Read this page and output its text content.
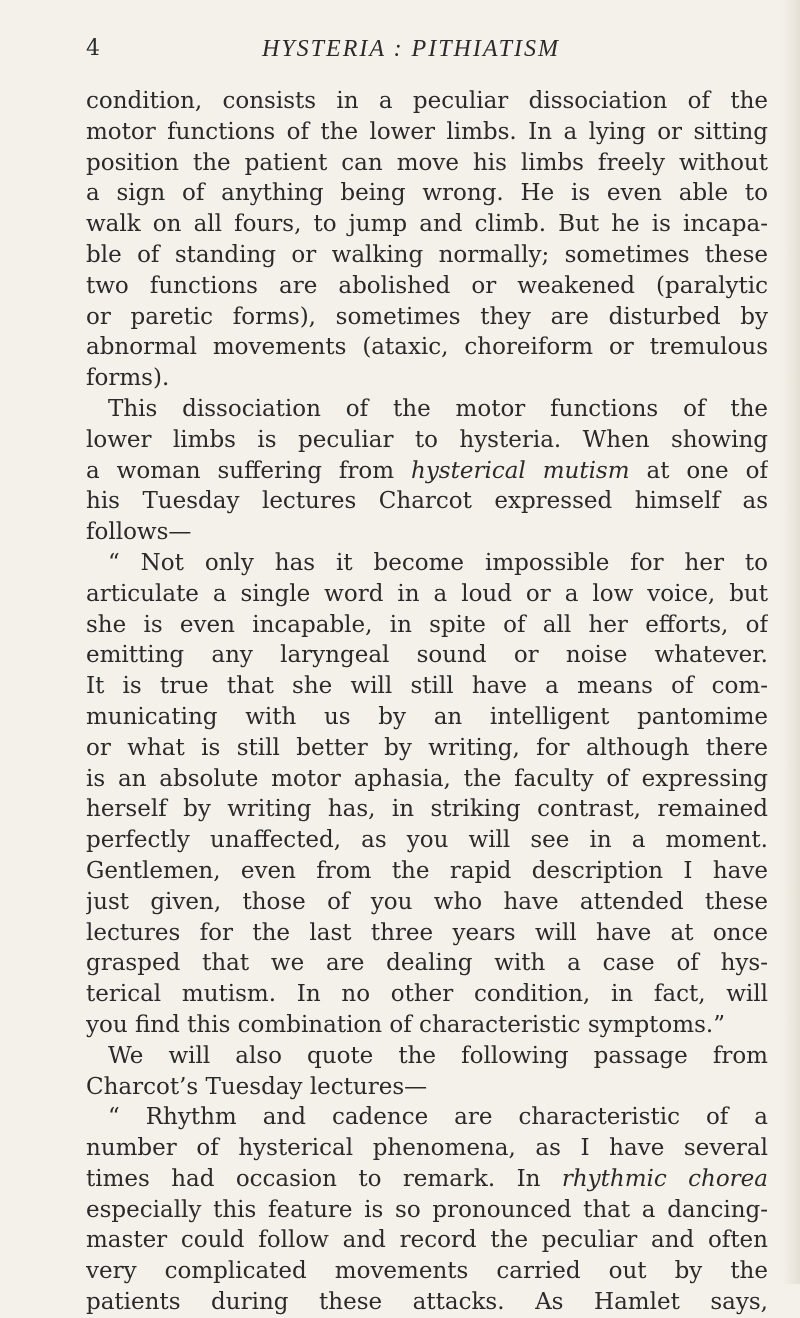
4	HYSTERIA : PITHIATISM
condition, consists in a peculiar dissociation of the
motor functions of the lower limbs. In a lying or sitting
position the patient can move his limbs freely without
a sign of anything being wrong. He is even able to
walk on all fours, to jump and climb. But he is incapa-
ble of standing or walking normally; sometimes these
two functions are abolished or weakened (paralytic
or paretic forms), sometimes they are disturbed by
abnormal movements (ataxic, choreiform or tremulous
forms).
This dissociation of the motor functions of the
lower limbs is peculiar to hysteria. When showing
a woman suffering from hysterical mutism at one of
his Tuesday lectures Charcot expressed himself as
follows—
“ Not only has it become impossible for her to
articulate a single word in a loud or a low voice, but
she is even incapable, in spite of all her efforts, of
emitting any laryngeal sound or noise whatever.
It is true that she will still have a means of com-
municating with us by an intelligent pantomime
or what is still better by writing, for although there
is an absolute motor aphasia, the faculty of expressing
herself by writing has, in striking contrast, remained
perfectly unaffected, as you will see in a moment.
Gentlemen, even from the rapid description I have
just given, those of you who have attended these
lectures for the last three years will have at once
grasped that we are dealing with a case of hys-
terical mutism. In no other condition, in fact, will
you find this combination of characteristic symptoms.”
We will also quote the following passage from
Charcot’s Tuesday lectures—
“ Rhythm and cadence are characteristic of a
number of hysterical phenomena, as I have several
times had occasion to remark. In rhythmic chorea
especially this feature is so pronounced that a dancing-
master could follow and record the peculiar and often
very complicated movements carried out by the
patients during these attacks. As Hamlet says,
